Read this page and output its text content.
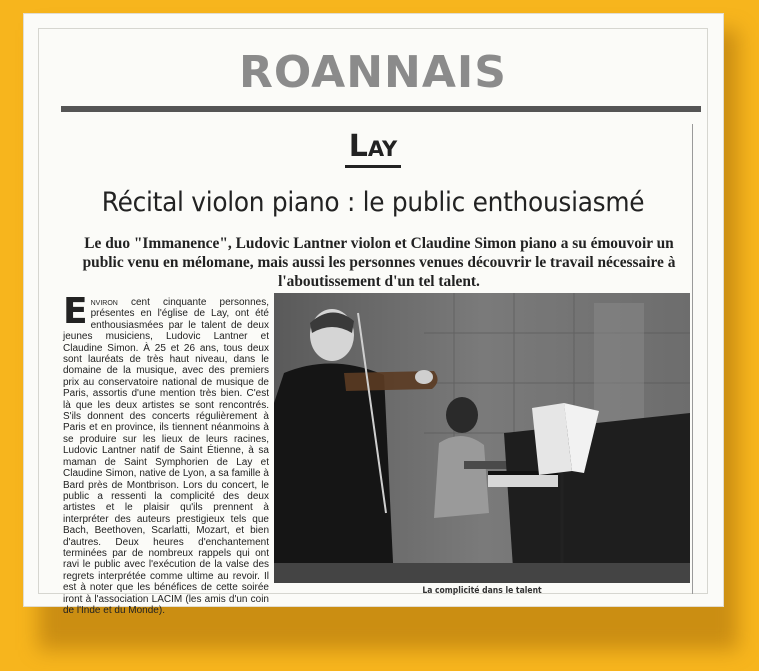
ROANNAIS
Lay
Récital violon piano : le public enthousiasmé
Le duo "Immanence", Ludovic Lantner violon et Claudine Simon piano a su émouvoir un public venu en mélomane, mais aussi les personnes venues découvrir le travail nécessaire à l'aboutissement d'un tel talent.
Environ cent cinquante personnes, présentes en l'église de Lay, ont été enthousiasmées par le talent de deux jeunes musiciens, Ludovic Lantner et Claudine Simon. À 25 et 26 ans, tous deux sont lauréats de très haut niveau, dans le domaine de la musique, avec des premiers prix au conservatoire national de musique de Paris, assortis d'une mention très bien. C'est là que les deux artistes se sont rencontrés. S'ils donnent des concerts régulièrement à Paris et en province, ils tiennent néanmoins à se produire sur les lieux de leurs racines, Ludovic Lantner natif de Saint Étienne, à sa maman de Saint Symphorien de Lay et Claudine Simon, native de Lyon, a sa famille à Bard près de Montbrison. Lors du concert, le public a ressenti la complicité des deux artistes et le plaisir qu'ils prennent à interpréter des auteurs prestigieux tels que Bach, Beethoven, Scarlatti, Mozart, et bien d'autres. Deux heures d'enchantement terminées par de nombreux rappels qui ont ravi le public avec l'exécution de la valse des regrets interprétée comme ultime au revoir. Il est à noter que les bénéfices de cette soirée iront à l'association LACIM (les amis d'un coin de l'Inde et du Monde).
La complicité dans le talent
